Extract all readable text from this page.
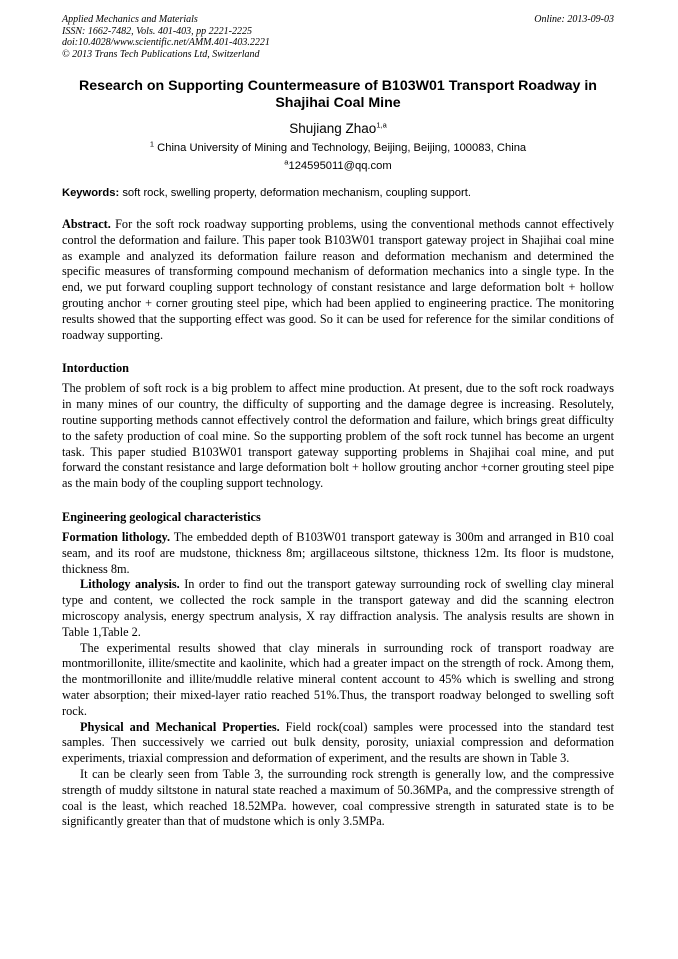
Applied Mechanics and Materials
ISSN: 1662-7482, Vols. 401-403, pp 2221-2225
doi:10.4028/www.scientific.net/AMM.401-403.2221
© 2013 Trans Tech Publications Ltd, Switzerland
Online: 2013-09-03
Research on Supporting Countermeasure of B103W01 Transport Roadway in Shajihai Coal Mine
Shujiang Zhao$^{1,a}$
$^1$ China University of Mining and Technology, Beijing, Beijing, 100083, China
$^a$124595011@qq.com
Keywords: soft rock, swelling property, deformation mechanism, coupling support.

Abstract. For the soft rock roadway supporting problems, using the conventional methods cannot effectively control the deformation and failure. This paper took B103W01 transport gateway project in Shajihai coal mine as example and analyzed its deformation failure reason and deformation mechanism and determined the specific measures of transforming compound mechanism of deformation mechanics into a single type. In the end, we put forward coupling support technology of constant resistance and large deformation bolt + hollow grouting anchor + corner grouting steel pipe, which had been applied to engineering practice. The monitoring results showed that the supporting effect was good. So it can be used for reference for the similar conditions of roadway supporting.

Intorduction

The problem of soft rock is a big problem to affect mine production. At present, due to the soft rock roadways in many mines of our country, the difficulty of supporting and the damage degree is increasing. Resolutely, routine supporting methods cannot effectively control the deformation and failure, which brings great difficulty to the safety production of coal mine. So the supporting problem of the soft rock tunnel has become an urgent task. This paper studied B103W01 transport gateway supporting problems in Shajihai coal mine, and put forward the constant resistance and large deformation bolt + hollow grouting anchor +corner grouting steel pipe as the main body of the coupling support technology.

Engineering geological characteristics

Formation lithology. The embedded depth of B103W01 transport gateway is 300m and arranged in B10 coal seam, and its roof are mudstone, thickness 8m; argillaceous siltstone, thickness 12m. Its floor is mudstone, thickness 8m.

Lithology analysis. In order to find out the transport gateway surrounding rock of swelling clay mineral type and content, we collected the rock sample in the transport gateway and did the scanning electron microscopy analysis, energy spectrum analysis, X ray diffraction analysis. The analysis results are shown in Table 1,Table 2.

The experimental results showed that clay minerals in surrounding rock of transport roadway are montmorillonite, illite/smectite and kaolinite, which had a greater impact on the strength of rock. Among them, the montmorillonite and illite/muddle relative mineral content account to 45% which is swelling and strong water absorption; their mixed-layer ratio reached 51%.Thus, the transport roadway belonged to swelling soft rock.

Physical and Mechanical Properties. Field rock(coal) samples were processed into the standard test samples. Then successively we carried out bulk density, porosity, uniaxial compression and deformation experiments, triaxial compression and deformation of experiment, and the results are shown in Table 3.

It can be clearly seen from Table 3, the surrounding rock strength is generally low, and the compressive strength of muddy siltstone in natural state reached a maximum of 50.36MPa, and the compressive strength of coal is the least, which reached 18.52MPa. however, coal compressive strength in saturated state is to be significantly greater than that of mudstone which is only 3.5MPa.
